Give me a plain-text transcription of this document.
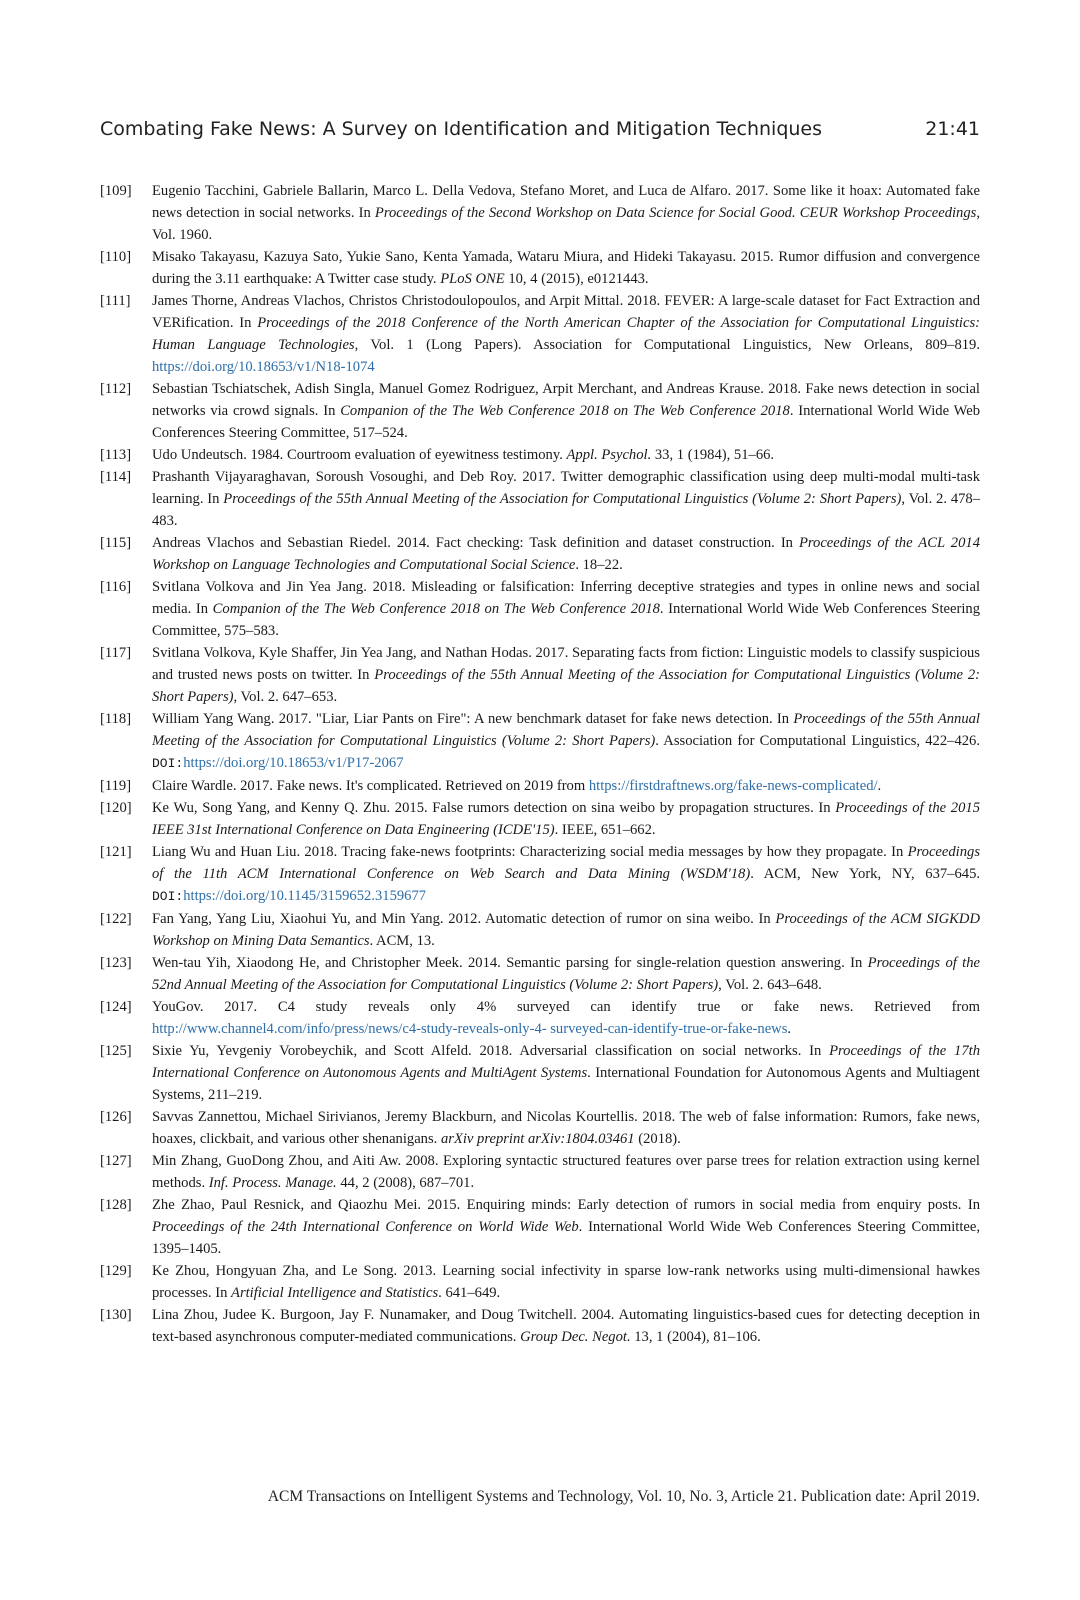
Combating Fake News: A Survey on Identification and Mitigation Techniques	21:41
[109]	Eugenio Tacchini, Gabriele Ballarin, Marco L. Della Vedova, Stefano Moret, and Luca de Alfaro. 2017. Some like it hoax: Automated fake news detection in social networks. In Proceedings of the Second Workshop on Data Science for Social Good. CEUR Workshop Proceedings, Vol. 1960.
[110]	Misako Takayasu, Kazuya Sato, Yukie Sano, Kenta Yamada, Wataru Miura, and Hideki Takayasu. 2015. Rumor diffusion and convergence during the 3.11 earthquake: A Twitter case study. PLoS ONE 10, 4 (2015), e0121443.
[111]	James Thorne, Andreas Vlachos, Christos Christodoulopoulos, and Arpit Mittal. 2018. FEVER: A large-scale dataset for Fact Extraction and VERification. In Proceedings of the 2018 Conference of the North American Chapter of the Association for Computational Linguistics: Human Language Technologies, Vol. 1 (Long Papers). Association for Computational Linguistics, New Orleans, 809–819. https://doi.org/10.18653/v1/N18-1074
[112]	Sebastian Tschiatschek, Adish Singla, Manuel Gomez Rodriguez, Arpit Merchant, and Andreas Krause. 2018. Fake news detection in social networks via crowd signals. In Companion of the The Web Conference 2018 on The Web Conference 2018. International World Wide Web Conferences Steering Committee, 517–524.
[113]	Udo Undeutsch. 1984. Courtroom evaluation of eyewitness testimony. Appl. Psychol. 33, 1 (1984), 51–66.
[114]	Prashanth Vijayaraghavan, Soroush Vosoughi, and Deb Roy. 2017. Twitter demographic classification using deep multi-modal multi-task learning. In Proceedings of the 55th Annual Meeting of the Association for Computational Linguistics (Volume 2: Short Papers), Vol. 2. 478–483.
[115]	Andreas Vlachos and Sebastian Riedel. 2014. Fact checking: Task definition and dataset construction. In Proceedings of the ACL 2014 Workshop on Language Technologies and Computational Social Science. 18–22.
[116]	Svitlana Volkova and Jin Yea Jang. 2018. Misleading or falsification: Inferring deceptive strategies and types in online news and social media. In Companion of the The Web Conference 2018 on The Web Conference 2018. International World Wide Web Conferences Steering Committee, 575–583.
[117]	Svitlana Volkova, Kyle Shaffer, Jin Yea Jang, and Nathan Hodas. 2017. Separating facts from fiction: Linguistic models to classify suspicious and trusted news posts on twitter. In Proceedings of the 55th Annual Meeting of the Association for Computational Linguistics (Volume 2: Short Papers), Vol. 2. 647–653.
[118]	William Yang Wang. 2017. "Liar, Liar Pants on Fire": A new benchmark dataset for fake news detection. In Proceedings of the 55th Annual Meeting of the Association for Computational Linguistics (Volume 2: Short Papers). Association for Computational Linguistics, 422–426. DOI:https://doi.org/10.18653/v1/P17-2067
[119]	Claire Wardle. 2017. Fake news. It's complicated. Retrieved on 2019 from https://firstdraftnews.org/fake-news-complicated/.
[120]	Ke Wu, Song Yang, and Kenny Q. Zhu. 2015. False rumors detection on sina weibo by propagation structures. In Proceedings of the 2015 IEEE 31st International Conference on Data Engineering (ICDE'15). IEEE, 651–662.
[121]	Liang Wu and Huan Liu. 2018. Tracing fake-news footprints: Characterizing social media messages by how they propagate. In Proceedings of the 11th ACM International Conference on Web Search and Data Mining (WSDM'18). ACM, New York, NY, 637–645. DOI:https://doi.org/10.1145/3159652.3159677
[122]	Fan Yang, Yang Liu, Xiaohui Yu, and Min Yang. 2012. Automatic detection of rumor on sina weibo. In Proceedings of the ACM SIGKDD Workshop on Mining Data Semantics. ACM, 13.
[123]	Wen-tau Yih, Xiaodong He, and Christopher Meek. 2014. Semantic parsing for single-relation question answering. In Proceedings of the 52nd Annual Meeting of the Association for Computational Linguistics (Volume 2: Short Papers), Vol. 2. 643–648.
[124]	YouGov. 2017. C4 study reveals only 4% surveyed can identify true or fake news. Retrieved from http://www.channel4.com/info/press/news/c4-study-reveals-only-4- surveyed-can-identify-true-or-fake-news.
[125]	Sixie Yu, Yevgeniy Vorobeychik, and Scott Alfeld. 2018. Adversarial classification on social networks. In Proceedings of the 17th International Conference on Autonomous Agents and MultiAgent Systems. International Foundation for Autonomous Agents and Multiagent Systems, 211–219.
[126]	Savvas Zannettou, Michael Sirivianos, Jeremy Blackburn, and Nicolas Kourtellis. 2018. The web of false information: Rumors, fake news, hoaxes, clickbait, and various other shenanigans. arXiv preprint arXiv:1804.03461 (2018).
[127]	Min Zhang, GuoDong Zhou, and Aiti Aw. 2008. Exploring syntactic structured features over parse trees for relation extraction using kernel methods. Inf. Process. Manage. 44, 2 (2008), 687–701.
[128]	Zhe Zhao, Paul Resnick, and Qiaozhu Mei. 2015. Enquiring minds: Early detection of rumors in social media from enquiry posts. In Proceedings of the 24th International Conference on World Wide Web. International World Wide Web Conferences Steering Committee, 1395–1405.
[129]	Ke Zhou, Hongyuan Zha, and Le Song. 2013. Learning social infectivity in sparse low-rank networks using multi-dimensional hawkes processes. In Artificial Intelligence and Statistics. 641–649.
[130]	Lina Zhou, Judee K. Burgoon, Jay F. Nunamaker, and Doug Twitchell. 2004. Automating linguistics-based cues for detecting deception in text-based asynchronous computer-mediated communications. Group Dec. Negot. 13, 1 (2004), 81–106.
ACM Transactions on Intelligent Systems and Technology, Vol. 10, No. 3, Article 21. Publication date: April 2019.
